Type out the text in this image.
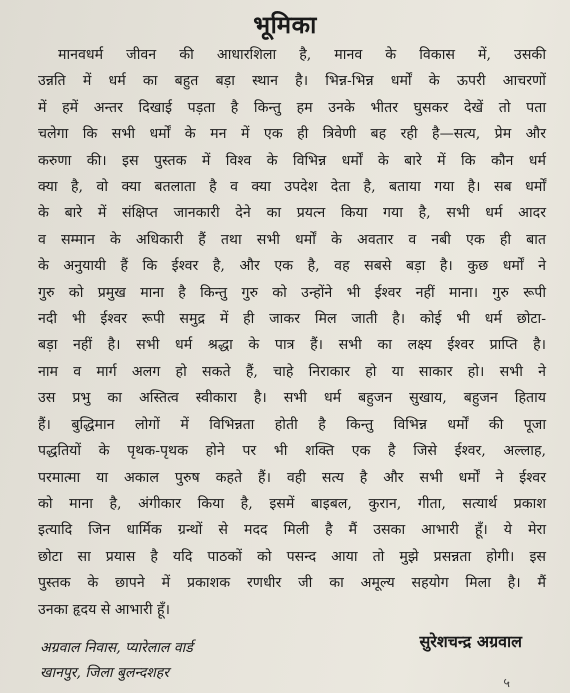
भूमिका
मानवधर्म जीवन की आधारशिला है, मानव के विकास में, उसकी
उन्नति में धर्म का बहुत बड़ा स्थान है। भिन्न-भिन्न धर्मों के ऊपरी आचरणों
में हमें अन्तर दिखाई पड़ता है किन्तु हम उनके भीतर घुसकर देखें तो पता
चलेगा कि सभी धर्मों के मन में एक ही त्रिवेणी बह रही है—सत्य, प्रेम और
करुणा की। इस पुस्तक में विश्व के विभिन्न धर्मों के बारे में कि कौन धर्म
क्या है, वो क्या बतलाता है व क्या उपदेश देता है, बताया गया है। सब धर्मों
के बारे में संक्षिप्त जानकारी देने का प्रयत्न किया गया है, सभी धर्म आदर
व सम्मान के अधिकारी हैं तथा सभी धर्मों के अवतार व नबी एक ही बात
के अनुयायी हैं कि ईश्वर है, और एक है, वह सबसे बड़ा है। कुछ धर्मों ने
गुरु को प्रमुख माना है किन्तु गुरु को उन्होंने भी ईश्वर नहीं माना। गुरु रूपी
नदी भी ईश्वर रूपी समुद्र में ही जाकर मिल जाती है। कोई भी धर्म छोटा-
बड़ा नहीं है। सभी धर्म श्रद्धा के पात्र हैं। सभी का लक्ष्य ईश्वर प्राप्ति है।
नाम व मार्ग अलग हो सकते हैं, चाहे निराकार हो या साकार हो। सभी ने
उस प्रभु का अस्तित्व स्वीकारा है। सभी धर्म बहुजन सुखाय, बहुजन हिताय
हैं। बुद्धिमान लोगों में विभिन्नता होती है किन्तु विभिन्न धर्मों की पूजा
पद्धतियों के पृथक-पृथक होने पर भी शक्ति एक है जिसे ईश्वर, अल्लाह,
परमात्मा या अकाल पुरुष कहते हैं। वही सत्य है और सभी धर्मों ने ईश्वर
को माना है, अंगीकार किया है, इसमें बाइबल, कुरान, गीता, सत्यार्थ प्रकाश
इत्यादि जिन धार्मिक ग्रन्थों से मदद मिली है मैं उसका आभारी हूँ। ये मेरा
छोटा सा प्रयास है यदि पाठकों को पसन्द आया तो मुझे प्रसन्नता होगी। इस
पुस्तक के छापने में प्रकाशक रणधीर जी का अमूल्य सहयोग मिला है। मैं
उनका हृदय से आभारी हूँ।
अग्रवाल निवास, प्यारेलाल वार्ड
खानपुर, जिला बुलन्दशहर
सुरेशचन्द्र अग्रवाल
५
